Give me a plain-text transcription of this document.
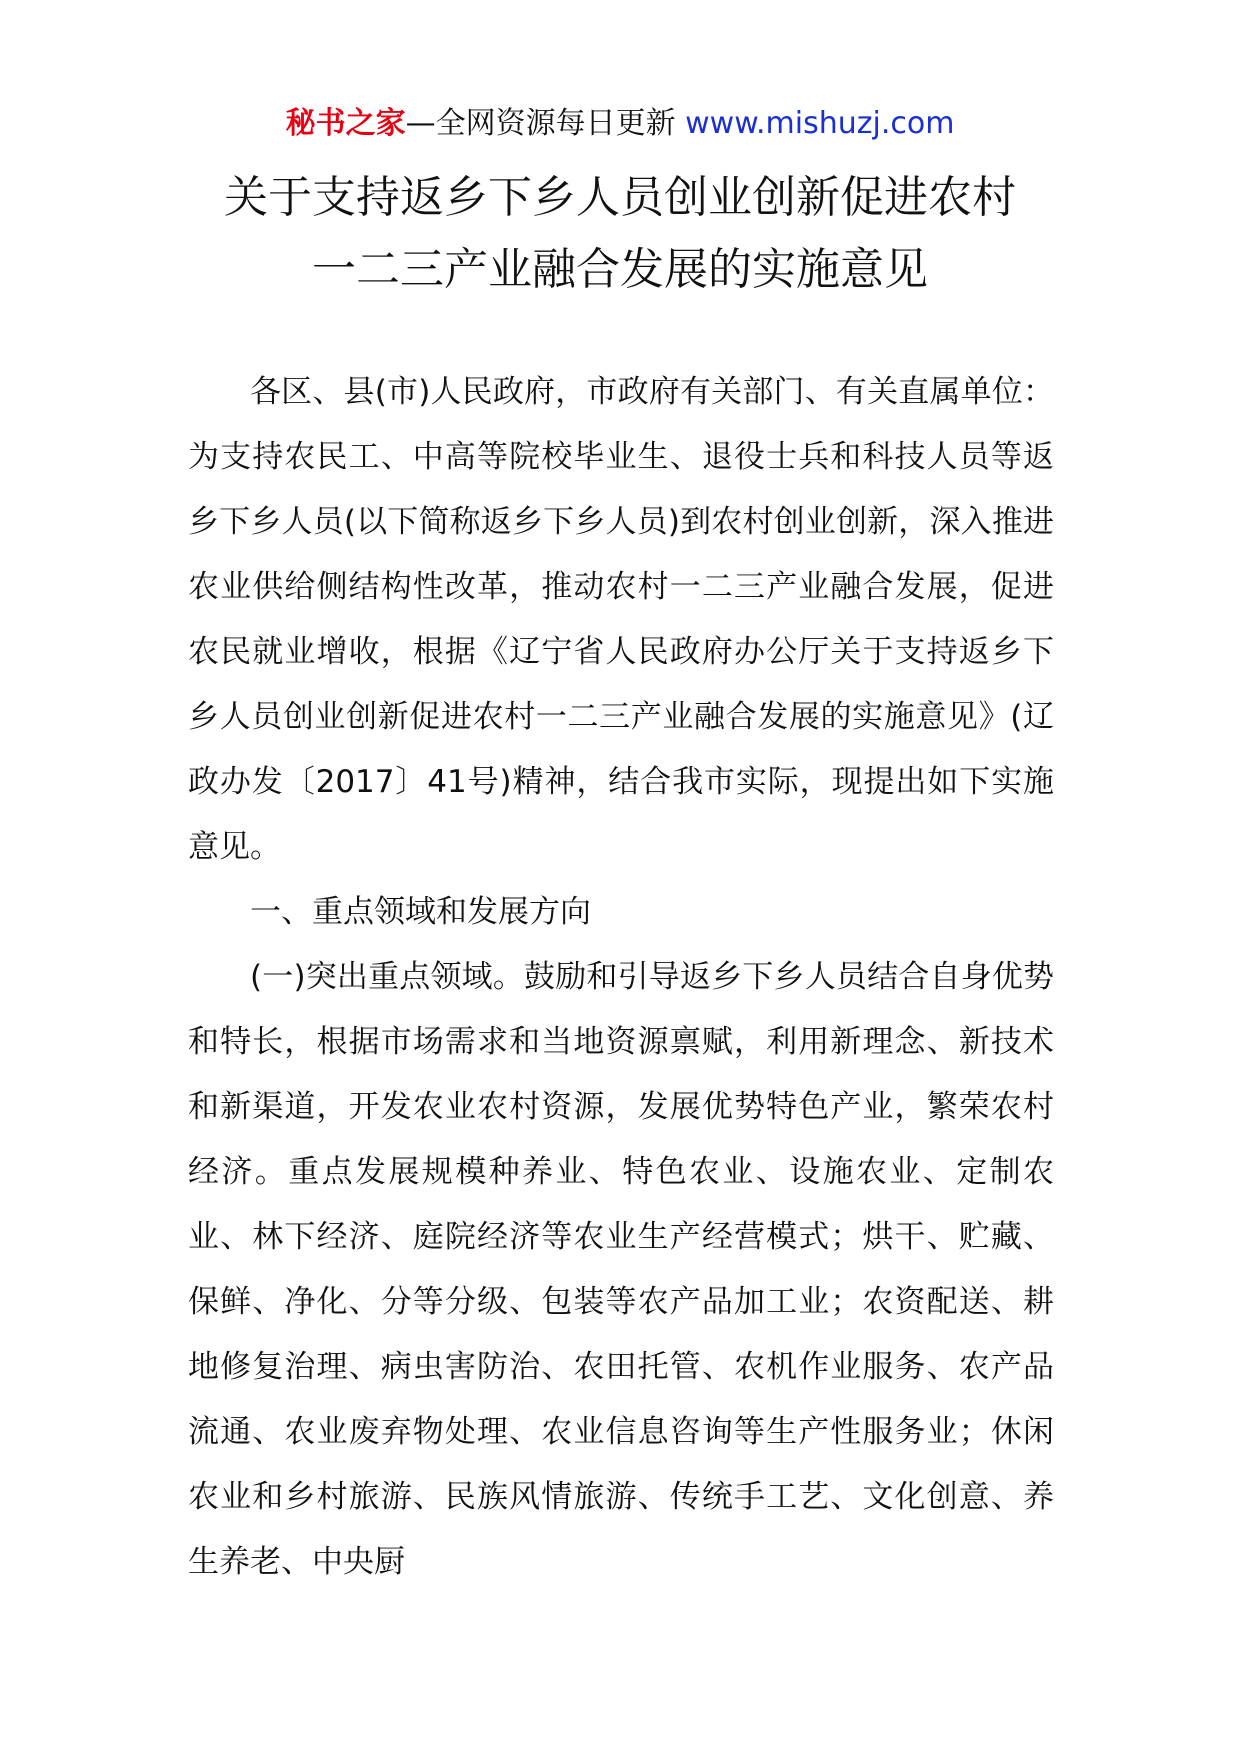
秘书之家—全网资源每日更新 www.mishuzj.com
关于支持返乡下乡人员创业创新促进农村
一二三产业融合发展的实施意见

各区、县(市)人民政府，市政府有关部门、有关直属单位：为支持农民工、中高等院校毕业生、退役士兵和科技人员等返乡下乡人员(以下简称返乡下乡人员)到农村创业创新，深入推进农业供给侧结构性改革，推动农村一二三产业融合发展，促进农民就业增收，根据《辽宁省人民政府办公厅关于支持返乡下乡人员创业创新促进农村一二三产业融合发展的实施意见》(辽政办发〔2017〕41号)精神，结合我市实际，现提出如下实施意见。

一、重点领域和发展方向

(一)突出重点领域。鼓励和引导返乡下乡人员结合自身优势和特长，根据市场需求和当地资源禀赋，利用新理念、新技术和新渠道，开发农业农村资源，发展优势特色产业，繁荣农村经济。重点发展规模种养业、特色农业、设施农业、定制农业、林下经济、庭院经济等农业生产经营模式；烘干、贮藏、保鲜、净化、分等分级、包装等农产品加工业；农资配送、耕地修复治理、病虫害防治、农田托管、农机作业服务、农产品流通、农业废弃物处理、农业信息咨询等生产性服务业；休闲农业和乡村旅游、民族风情旅游、传统手工艺、文化创意、养生养老、中央厨
